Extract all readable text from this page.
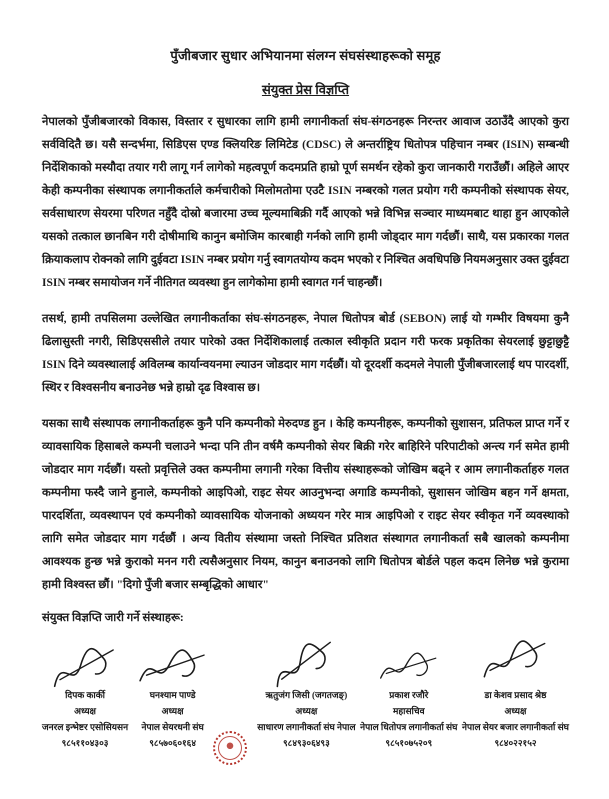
पुँजीबजार सुधार अभियानमा संलग्न संघसंस्थाहरूको समूह
संयुक्त प्रेस विज्ञप्ति

नेपालको पुँजीबजारको विकास, विस्तार र सुधारका लागि हामी लगानीकर्ता संघ-संगठनहरू निरन्तर आवाज उठाउँदै आएको कुरा सर्वविदितै छ। यसै सन्दर्भमा, सिडिएस एण्ड क्लियरिङ लिमिटेड (CDSC) ले अन्तर्राष्ट्रिय धितोपत्र पहिचान नम्बर (ISIN) सम्बन्धी निर्देशिकाको मस्यौदा तयार गरी लागू गर्न लागेको महत्वपूर्ण कदमप्रति हाम्रो पूर्ण समर्थन रहेको कुरा जानकारी गराउँछौं। अहिले आएर केही कम्पनीका संस्थापक लगानीकर्ताले कर्मचारीको मिलोमतोमा एउटै ISIN नम्बरको गलत प्रयोग गरी कम्पनीको संस्थापक सेयर, सर्वसाधारण सेयरमा परिणत नहुँदै दोस्रो बजारमा उच्च मूल्यमाबिक्री गर्दै आएको भन्ने विभिन्न सञ्चार माध्यमबाट थाहा हुन आएकोले यसको तत्काल छानबिन गरी दोषीमाथि कानुन बमोजिम कारबाही गर्नको लागि हामी जोड्दार माग गर्दछौं। साथै, यस प्रकारका गलत क्रियाकलाप रोक्नको लागि दुईवटा ISIN नम्बर प्रयोग गर्नु स्वागतयोग्य कदम भएको र निश्चित अवधिपछि नियमअनुसार उक्त दुईवटा ISIN नम्बर समायोजन गर्ने नीतिगत व्यवस्था हुन लागेकोमा हामी स्वागत गर्न चाहन्छौं।

तसर्थ, हामी तपसिलमा उल्लेखित लगानीकर्ताका संघ-संगठनहरू, नेपाल धितोपत्र बोर्ड (SEBON) लाई यो गम्भीर विषयमा कुनै ढिलासुस्ती नगरी, सिडिएससीले तयार पारेको उक्त निर्देशिकालाई तत्काल स्वीकृति प्रदान गरी फरक प्रकृतिका सेयरलाई छुट्टाछुट्टै ISIN दिने व्यवस्थालाई अविलम्ब कार्यान्वयनमा ल्याउन जोडदार माग गर्दछौं। यो दूरदर्शी कदमले नेपाली पुँजीबजारलाई थप पारदर्शी, स्थिर र विश्वसनीय बनाउनेछ भन्ने हाम्रो दृढ विश्वास छ।

यसका साथै संस्थापक लगानीकर्ताहरू कुनै पनि कम्पनीको मेरुदण्ड हुन । केहि कम्पनीहरू, कम्पनीको सुशासन, प्रतिफल प्राप्त गर्ने र व्यावसायिक हिसाबले कम्पनी चलाउने भन्दा पनि तीन वर्षमै कम्पनीको सेयर बिक्री गरेर बाहिरिने परिपाटीको अन्त्य गर्न समेत हामी जोडदार माग गर्दछौं। यस्तो प्रवृत्तिले उक्त कम्पनीमा लगानी गरेका वित्तीय संस्थाहरूको जोखिम बढ्ने र आम लगानीकर्ताहरु गलत कम्पनीमा फस्दै जाने हुनाले, कम्पनीको आइपिओ, राइट सेयर आउनुभन्दा अगाडि कम्पनीको, सुशासन जोखिम बहन गर्ने क्षमता, पारदर्शिता, व्यवस्थापन एवं कम्पनीको व्यावसायिक योजनाको अध्ययन गरेर मात्र आइपिओ र राइट सेयर स्वीकृत गर्ने व्यवस्थाको लागि समेत जोडदार माग गर्दछौं । अन्य वितीय संस्थामा जस्तो निश्चित प्रतिशत संस्थागत लगानीकर्ता सबै खालको कम्पनीमा आवश्यक हुन्छ भन्ने कुराको मनन गरी त्यसैअनुसार नियम, कानुन बनाउनको लागि धितोपत्र बोर्डले पहल कदम लिनेछ भन्ने कुरामा हामी विश्वस्त छौं। "दिगो पुँजी बजार सम्बृद्धिको आधार"

संयुक्त विज्ञप्ति जारी गर्ने संस्थाहरू:

दिपक कार्की
अध्यक्ष
जनरल इन्भेष्टर एसोसियसन
९८५११०४३०३
घनश्याम पाण्डे
अध्यक्ष
नेपाल सेयरधनी संघ
९८५७०६०१६४
ऋतुजंग जिसी (जगतजङ्)
अध्यक्ष
साधारण लगानीकर्ता संघ नेपाल
९८४९३०६४९३
प्रकाश रजौरे
महासचिव
नेपाल धितोपत्र लगानीकर्ता संघ
९८५१०७५२०९
डा केशव प्रसाद श्रेष्ठ
अध्यक्ष
नेपाल सेयर बजार लगानीकर्ता संघ
९८४०२२१५२
